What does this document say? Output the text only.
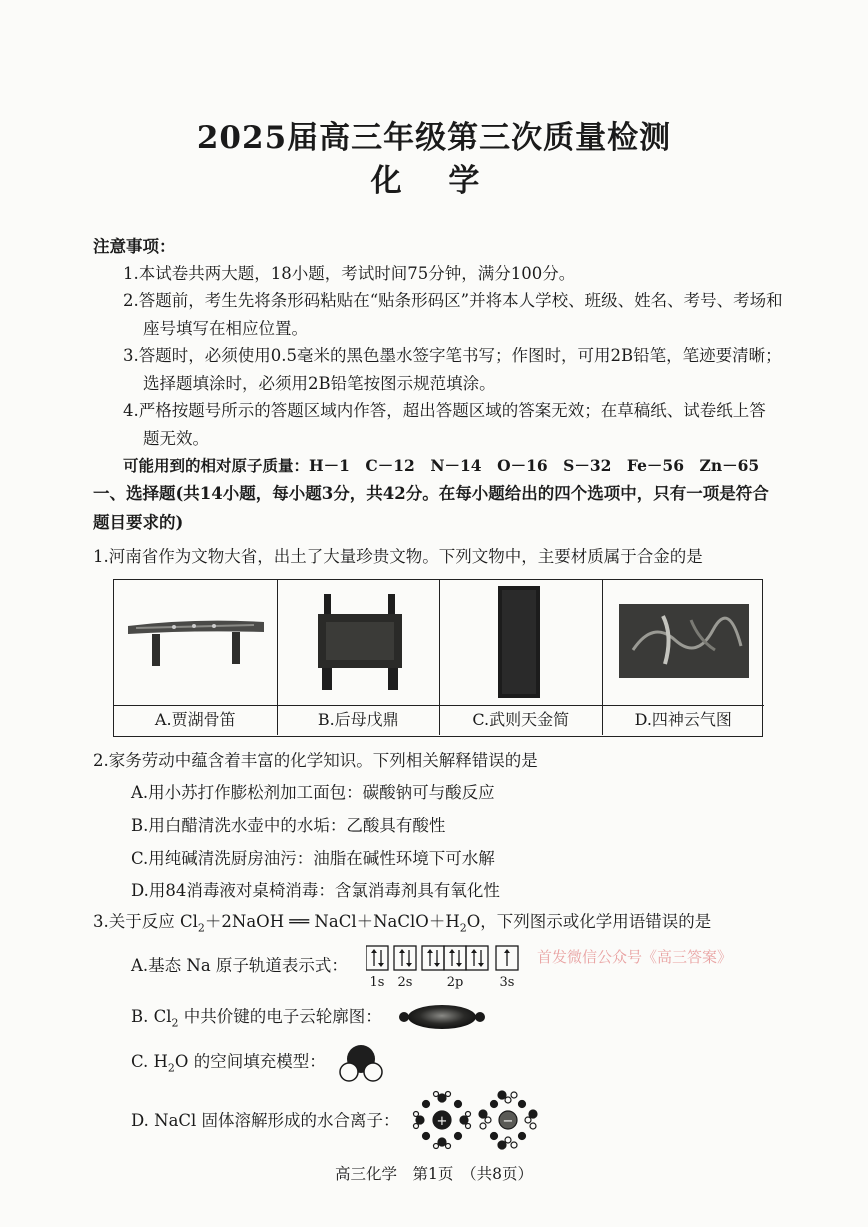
2025届高三年级第三次质量检测
化 学
注意事项：
1.本试卷共两大题，18小题，考试时间75分钟，满分100分。
2.答题前，考生先将条形码粘贴在“贴条形码区”并将本人学校、班级、姓名、考号、考场和
座号填写在相应位置。
3.答题时，必须使用0.5毫米的黑色墨水签字笔书写；作图时，可用2B铅笔，笔迹要清晰；
选择题填涂时，必须用2B铅笔按图示规范填涂。
4.严格按题号所示的答题区域内作答，超出答题区域的答案无效；在草稿纸、试卷纸上答
题无效。
可能用到的相对原子质量：H－1　C－12　N－14　O－16　S－32　Fe－56　Zn－65
一、选择题(共14小题，每小题3分，共42分。在每小题给出的四个选项中，只有一项是符合
题目要求的)
1.河南省作为文物大省，出土了大量珍贵文物。下列文物中，主要材质属于合金的是
A.贾湖骨笛	B.后母戊鼎	C.武则天金简	D.四神云气图
2.家务劳动中蕴含着丰富的化学知识。下列相关解释错误的是
A.用小苏打作膨松剂加工面包：碳酸钠可与酸反应
B.用白醋清洗水壶中的水垢：乙酸具有酸性
C.用纯碱清洗厨房油污：油脂在碱性环境下可水解
D.用84消毒液对桌椅消毒：含氯消毒剂具有氧化性
3.关于反应 $Cl_2+2NaOH$ ══ $NaCl+NaClO+H_2O$，下列图示或化学用语错误的是
A.基态 Na 原子轨道表示式：
1s 2s	2p	3s
首发微信公众号《高三答案》
B. $Cl_2$ 中共价键的电子云轮廓图：
C. $H_2O$ 的空间填充模型：
D. NaCl 固体溶解形成的水合离子：	+	−
高三化学　第1页　（共8页）
